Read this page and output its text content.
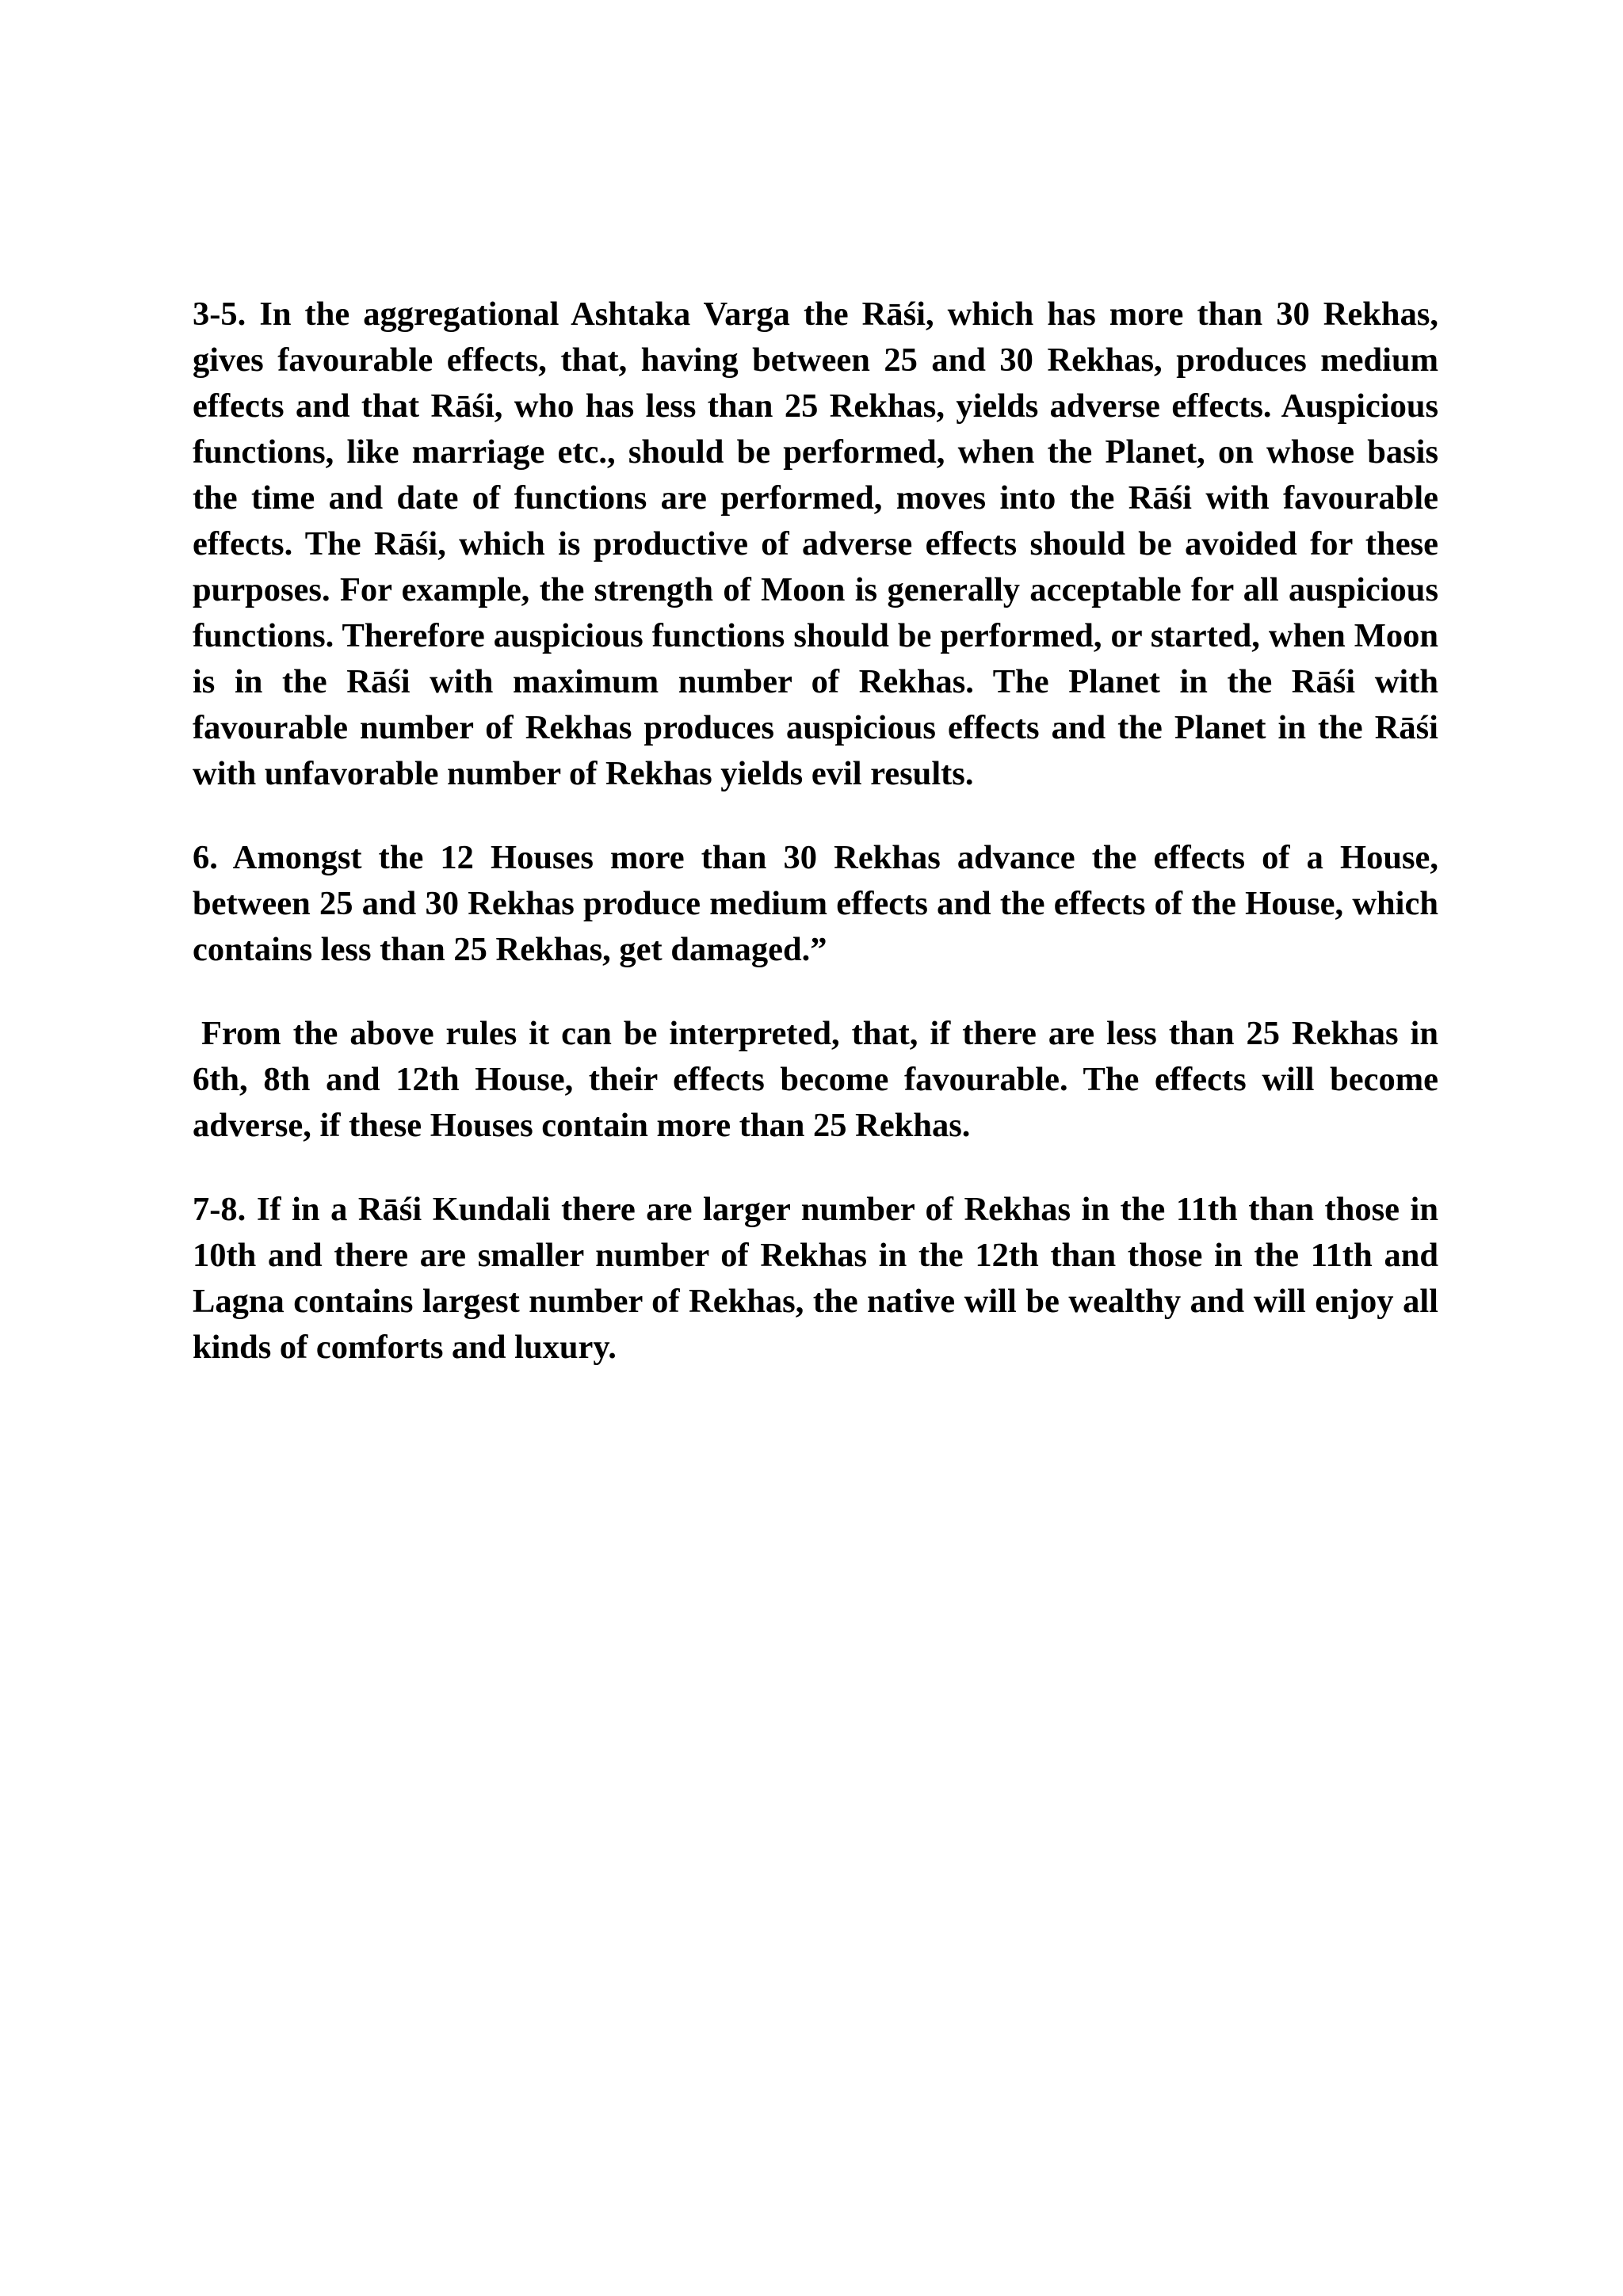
3-5. In the aggregational Ashtaka Varga the Rāśi, which has more than 30 Rekhas, gives favourable effects, that, having between 25 and 30 Rekhas, produces medium effects and that Rāśi, who has less than 25 Rekhas, yields adverse effects. Auspicious functions, like marriage etc., should be performed, when the Planet, on whose basis the time and date of functions are performed, moves into the Rāśi with favourable effects. The Rāśi, which is productive of adverse effects should be avoided for these purposes. For example, the strength of Moon is generally acceptable for all auspicious functions. Therefore auspicious functions should be performed, or started, when Moon is in the Rāśi with maximum number of Rekhas. The Planet in the Rāśi with favourable number of Rekhas produces auspicious effects and the Planet in the Rāśi with unfavorable number of Rekhas yields evil results.

6. Amongst the 12 Houses more than 30 Rekhas advance the effects of a House, between 25 and 30 Rekhas produce medium effects and the effects of the House, which contains less than 25 Rekhas, get damaged.”

From the above rules it can be interpreted, that, if there are less than 25 Rekhas in 6th, 8th and 12th House, their effects become favourable. The effects will become adverse, if these Houses contain more than 25 Rekhas.

7-8. If in a Rāśi Kundali there are larger number of Rekhas in the 11th than those in 10th and there are smaller number of Rekhas in the 12th than those in the 11th and Lagna contains largest number of Rekhas, the native will be wealthy and will enjoy all kinds of comforts and luxury.
